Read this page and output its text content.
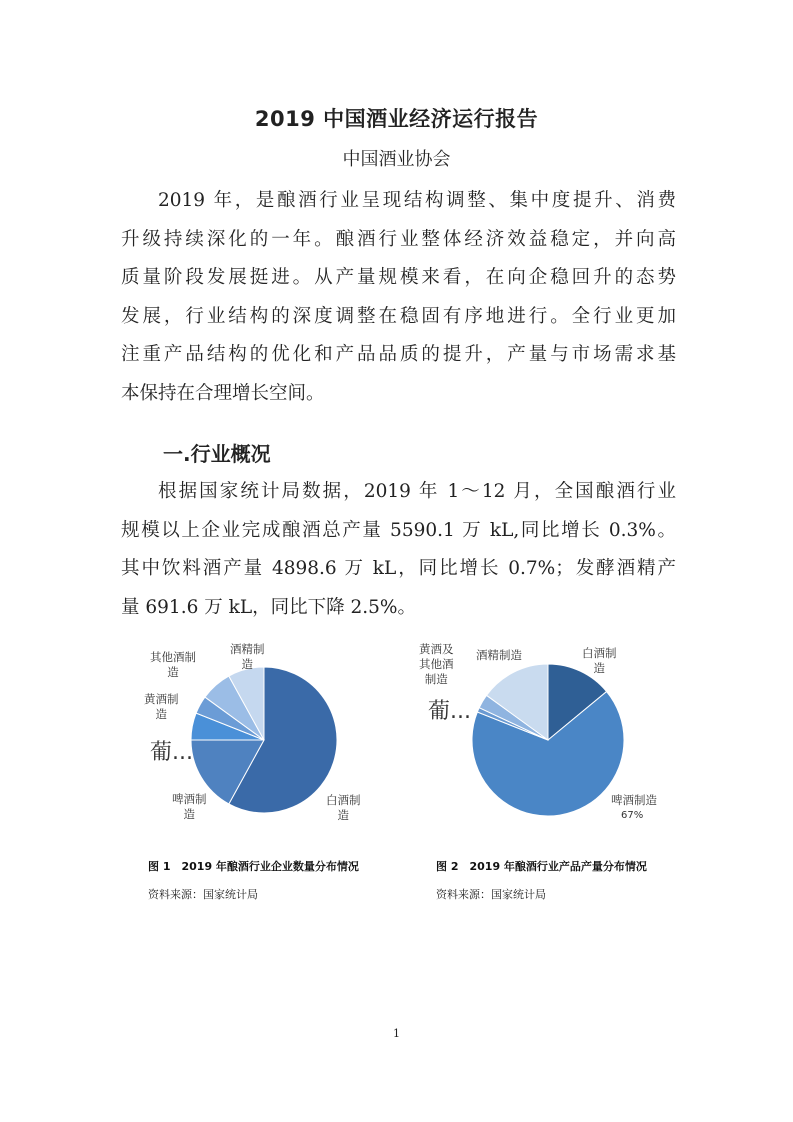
2019 中国酒业经济运行报告
中国酒业协会
2019 年，是酿酒行业呈现结构调整、集中度提升、消费
升级持续深化的一年。酿酒行业整体经济效益稳定，并向高
质量阶段发展挺进。从产量规模来看，在向企稳回升的态势
发展，行业结构的深度调整在稳固有序地进行。全行业更加
注重产品结构的优化和产品品质的提升，产量与市场需求基
本保持在合理增长空间。
一.行业概况
根据国家统计局数据，2019 年 1～12 月，全国酿酒行业
规模以上企业完成酿酒总产量 5590.1 万 kL,同比增长 0.3%。
其中饮料酒产量 4898.6 万 kL，同比增长 0.7%；发酵酒精产
量 691.6 万 kL，同比下降 2.5%。
酒精制
造
其他酒制
造
黄酒制
造
葡...
啤酒制
造
白酒制
造
图 1　2019 年酿酒行业企业数量分布情况
资料来源：国家统计局
黄酒及
其他酒
制造
酒精制造	白酒制
造
葡...
啤酒制造
67%
图 2　2019 年酿酒行业产品产量分布情况
资料来源：国家统计局
1
